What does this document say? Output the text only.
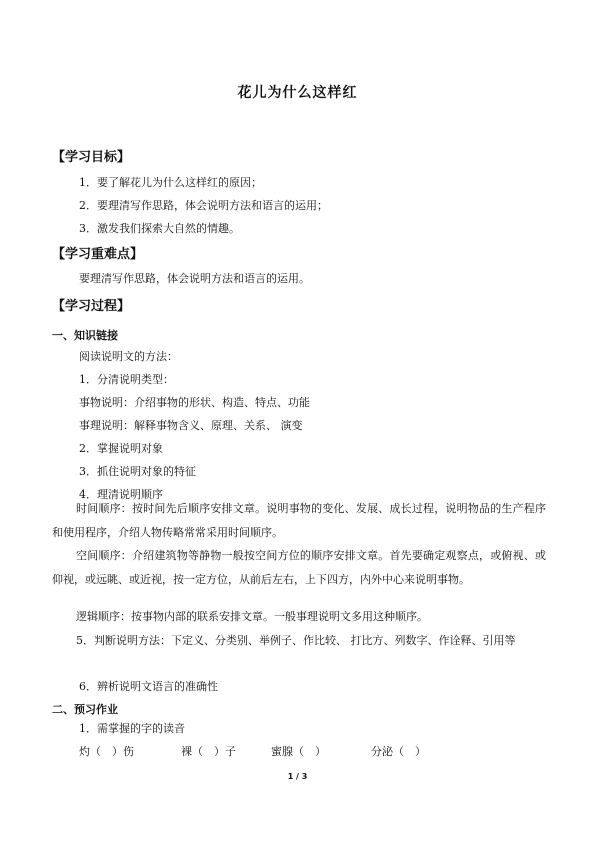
花儿为什么这样红
【学习目标】
1．要了解花儿为什么这样红的原因；
2．要理清写作思路，体会说明方法和语言的运用；
3．激发我们探索大自然的情趣。
【学习重难点】
要理清写作思路，体会说明方法和语言的运用。
【学习过程】
一、知识链接
阅读说明文的方法：
1．分清说明类型：
事物说明：介绍事物的形状、构造、特点、功能
事理说明：解释事物含义、原理、关系、 演变
2．掌握说明对象
3．抓住说明对象的特征
4．理清说明顺序
时间顺序：按时间先后顺序安排文章。说明事物的变化、发展、成长过程，说明物品的生产程序和使用程序，介绍人物传略常常采用时间顺序。
空间顺序：介绍建筑物等静物一般按空间方位的顺序安排文章。首先要确定观察点，或俯视、或仰视，或远眺、或近视，按一定方位，从前后左右，上下四方，内外中心来说明事物。
逻辑顺序：按事物内部的联系安排文章。一般事理说明文多用这种顺序。
5．判断说明方法：下定义、分类别、举例子、作比较、 打比方、列数字、作诠释、引用等
6．辨析说明文语言的准确性
二、预习作业
1．需掌握的字的读音
灼（　）伤	裸（　）子	蜜腺（　）	分泌（　）
1 / 3
